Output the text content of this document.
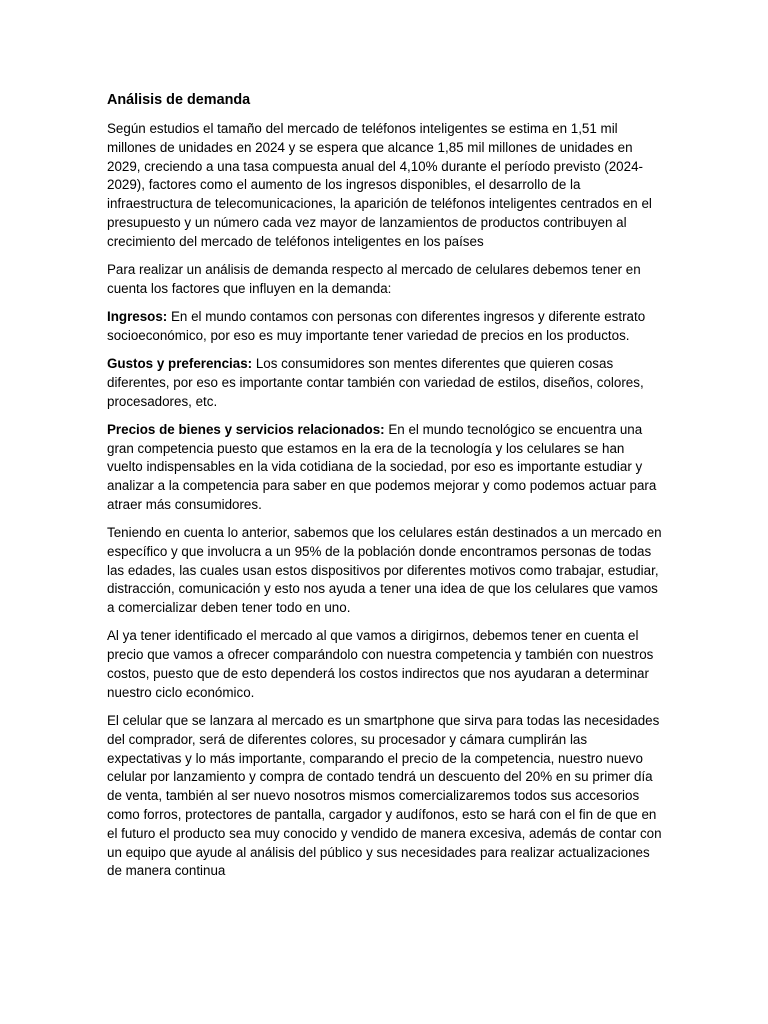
Análisis de demanda

Según estudios el tamaño del mercado de teléfonos inteligentes se estima en 1,51 mil millones de unidades en 2024 y se espera que alcance 1,85 mil millones de unidades en 2029, creciendo a una tasa compuesta anual del 4,10% durante el período previsto (2024-2029), factores como el aumento de los ingresos disponibles, el desarrollo de la infraestructura de telecomunicaciones, la aparición de teléfonos inteligentes centrados en el presupuesto y un número cada vez mayor de lanzamientos de productos contribuyen al crecimiento del mercado de teléfonos inteligentes en los países

Para realizar un análisis de demanda respecto al mercado de celulares debemos tener en cuenta los factores que influyen en la demanda:

Ingresos: En el mundo contamos con personas con diferentes ingresos y diferente estrato socioeconómico, por eso es muy importante tener variedad de precios en los productos.

Gustos y preferencias: Los consumidores son mentes diferentes que quieren cosas diferentes, por eso es importante contar también con variedad de estilos, diseños, colores, procesadores, etc.

Precios de bienes y servicios relacionados: En el mundo tecnológico se encuentra una gran competencia puesto que estamos en la era de la tecnología y los celulares se han vuelto indispensables en la vida cotidiana de la sociedad, por eso es importante estudiar y analizar a la competencia para saber en que podemos mejorar y como podemos actuar para atraer más consumidores.

Teniendo en cuenta lo anterior, sabemos que los celulares están destinados a un mercado en específico y que involucra a un 95% de la población donde encontramos personas de todas las edades, las cuales usan estos dispositivos por diferentes motivos como trabajar, estudiar, distracción, comunicación y esto nos ayuda a tener una idea de que los celulares que vamos a comercializar deben tener todo en uno.

Al ya tener identificado el mercado al que vamos a dirigirnos, debemos tener en cuenta el precio que vamos a ofrecer comparándolo con nuestra competencia y también con nuestros costos, puesto que de esto dependerá los costos indirectos que nos ayudaran a determinar nuestro ciclo económico.

El celular que se lanzara al mercado es un smartphone que sirva para todas las necesidades del comprador, será de diferentes colores, su procesador y cámara cumplirán las expectativas y lo más importante, comparando el precio de la competencia, nuestro nuevo celular por lanzamiento y compra de contado tendrá un descuento del 20% en su primer día de venta, también al ser nuevo nosotros mismos comercializaremos todos sus accesorios como forros, protectores de pantalla, cargador y audífonos, esto se hará con el fin de que en el futuro el producto sea muy conocido y vendido de manera excesiva, además de contar con un equipo que ayude al análisis del público y sus necesidades para realizar actualizaciones de manera continua
